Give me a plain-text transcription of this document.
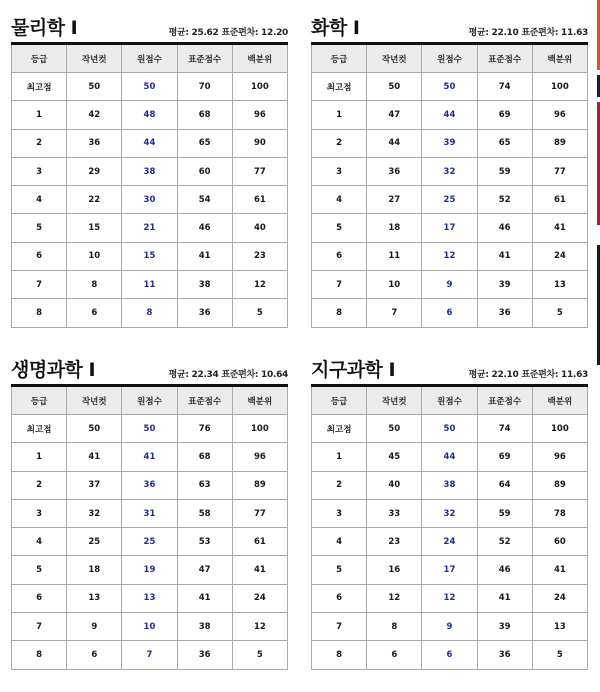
물리학 Ⅰ	평균: 25.62 표준편차: 12.20
등급	작년컷	원점수	표준점수	백분위
최고점	50	50	70	100
1	42	48	68	96
2	36	44	65	90
3	29	38	60	77
4	22	30	54	61
5	15	21	46	40
6	10	15	41	23
7	8	11	38	12
8	6	8	36	5
화학 Ⅰ	평균: 22.10 표준편차: 11.63
등급	작년컷	원점수	표준점수	백분위
최고점	50	50	74	100
1	47	44	69	96
2	44	39	65	89
3	36	32	59	77
4	27	25	52	61
5	18	17	46	41
6	11	12	41	24
7	10	9	39	13
8	7	6	36	5
생명과학 Ⅰ	평균: 22.34 표준편차: 10.64
등급	작년컷	원점수	표준점수	백분위
최고점	50	50	76	100
1	41	41	68	96
2	37	36	63	89
3	32	31	58	77
4	25	25	53	61
5	18	19	47	41
6	13	13	41	24
7	9	10	38	12
8	6	7	36	5
지구과학 Ⅰ	평균: 22.10 표준편차: 11.63
등급	작년컷	원점수	표준점수	백분위
최고점	50	50	74	100
1	45	44	69	96
2	40	38	64	89
3	33	32	59	78
4	23	24	52	60
5	16	17	46	41
6	12	12	41	24
7	8	9	39	13
8	6	6	36	5
